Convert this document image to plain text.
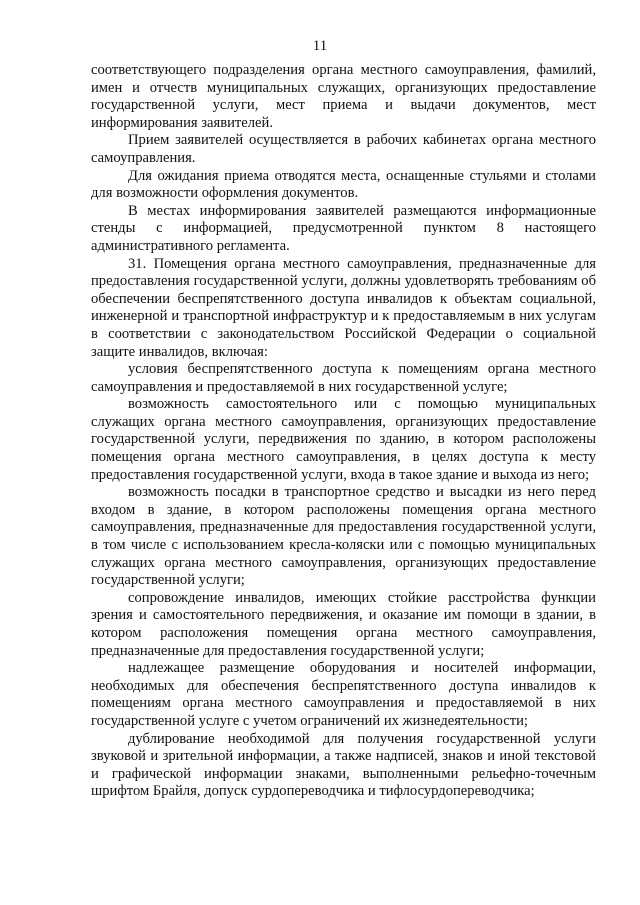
11

соответствующего подразделения органа местного самоуправления, фамилий, имен и отчеств муниципальных служащих, организующих предоставление государственной услуги, мест приема и выдачи документов, мест информирования заявителей.

Прием заявителей осуществляется в рабочих кабинетах органа местного самоуправления.

Для ожидания приема отводятся места, оснащенные стульями и столами для возможности оформления документов.

В местах информирования заявителей размещаются информационные стенды с информацией, предусмотренной пунктом 8 настоящего административного регламента.

31. Помещения органа местного самоуправления, предназначенные для предоставления государственной услуги, должны удовлетворять требованиям об обеспечении беспрепятственного доступа инвалидов к объектам социальной, инженерной и транспортной инфраструктур и к предоставляемым в них услугам в соответствии с законодательством Российской Федерации о социальной защите инвалидов, включая:

условия беспрепятственного доступа к помещениям органа местного самоуправления и предоставляемой в них государственной услуге;

возможность самостоятельного или с помощью муниципальных служащих органа местного самоуправления, организующих предоставление государственной услуги, передвижения по зданию, в котором расположены помещения органа местного самоуправления, в целях доступа к месту предоставления государственной услуги, входа в такое здание и выхода из него;

возможность посадки в транспортное средство и высадки из него перед входом в здание, в котором расположены помещения органа местного самоуправления, предназначенные для предоставления государственной услуги, в том числе с использованием кресла-коляски или с помощью муниципальных служащих органа местного самоуправления, организующих предоставление государственной услуги;

сопровождение инвалидов, имеющих стойкие расстройства функции зрения и самостоятельного передвижения, и оказание им помощи в здании, в котором расположения помещения органа местного самоуправления, предназначенные для предоставления государственной услуги;

надлежащее размещение оборудования и носителей информации, необходимых для обеспечения беспрепятственного доступа инвалидов к помещениям органа местного самоуправления и предоставляемой в них государственной услуге с учетом ограничений их жизнедеятельности;

дублирование необходимой для получения государственной услуги звуковой и зрительной информации, а также надписей, знаков и иной текстовой и графической информации знаками, выполненными рельефно-точечным шрифтом Брайля, допуск сурдопереводчика и тифлосурдопереводчика;
